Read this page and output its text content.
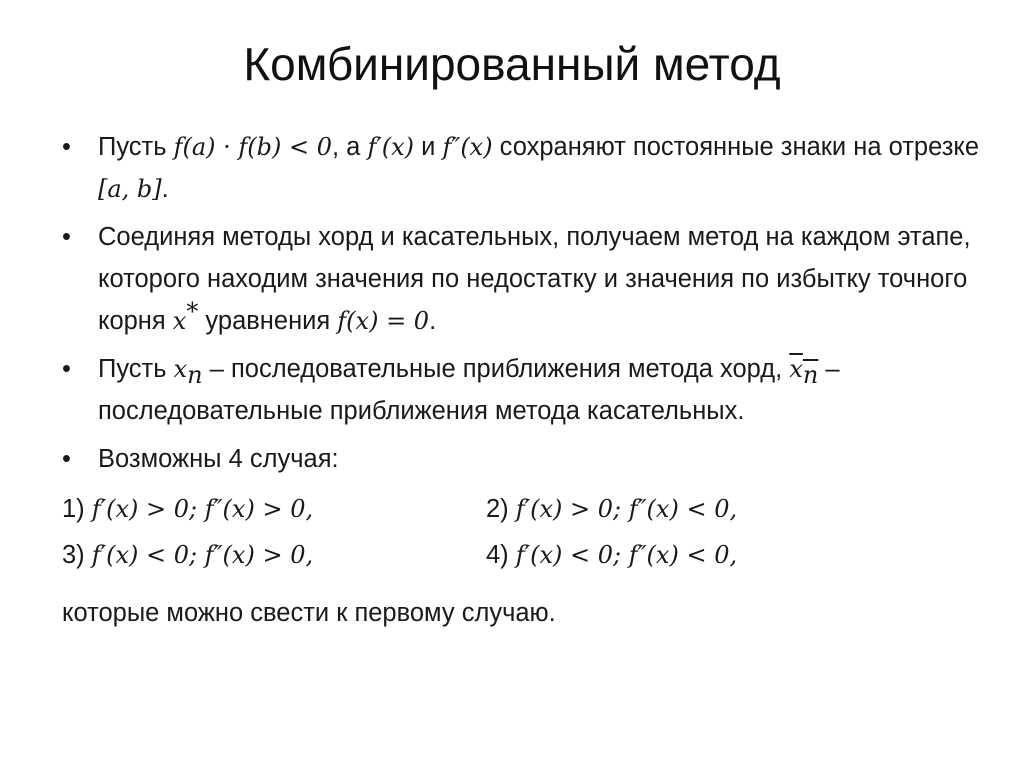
Комбинированный метод
• Пусть f(a) · f(b) < 0, а f′(x) и f″(x) сохраняют постоянные знаки на отрезке [a, b].
• Соединяя методы хорд и касательных, получаем метод на каждом этапе, которого находим значения по недостатку и значения по избытку точного корня x* уравнения f(x) = 0.
• Пусть $x_n$ – последовательные приближения метода хорд, $x_n$ – последовательные приближения метода касательных.
• Возможны 4 случая:
1) f′(x) > 0; f″(x) > 0,	2) f′(x) > 0; f″(x) < 0,
3) f′(x) < 0; f″(x) > 0,	4) f′(x) < 0; f″(x) < 0,
которые можно свести к первому случаю.
